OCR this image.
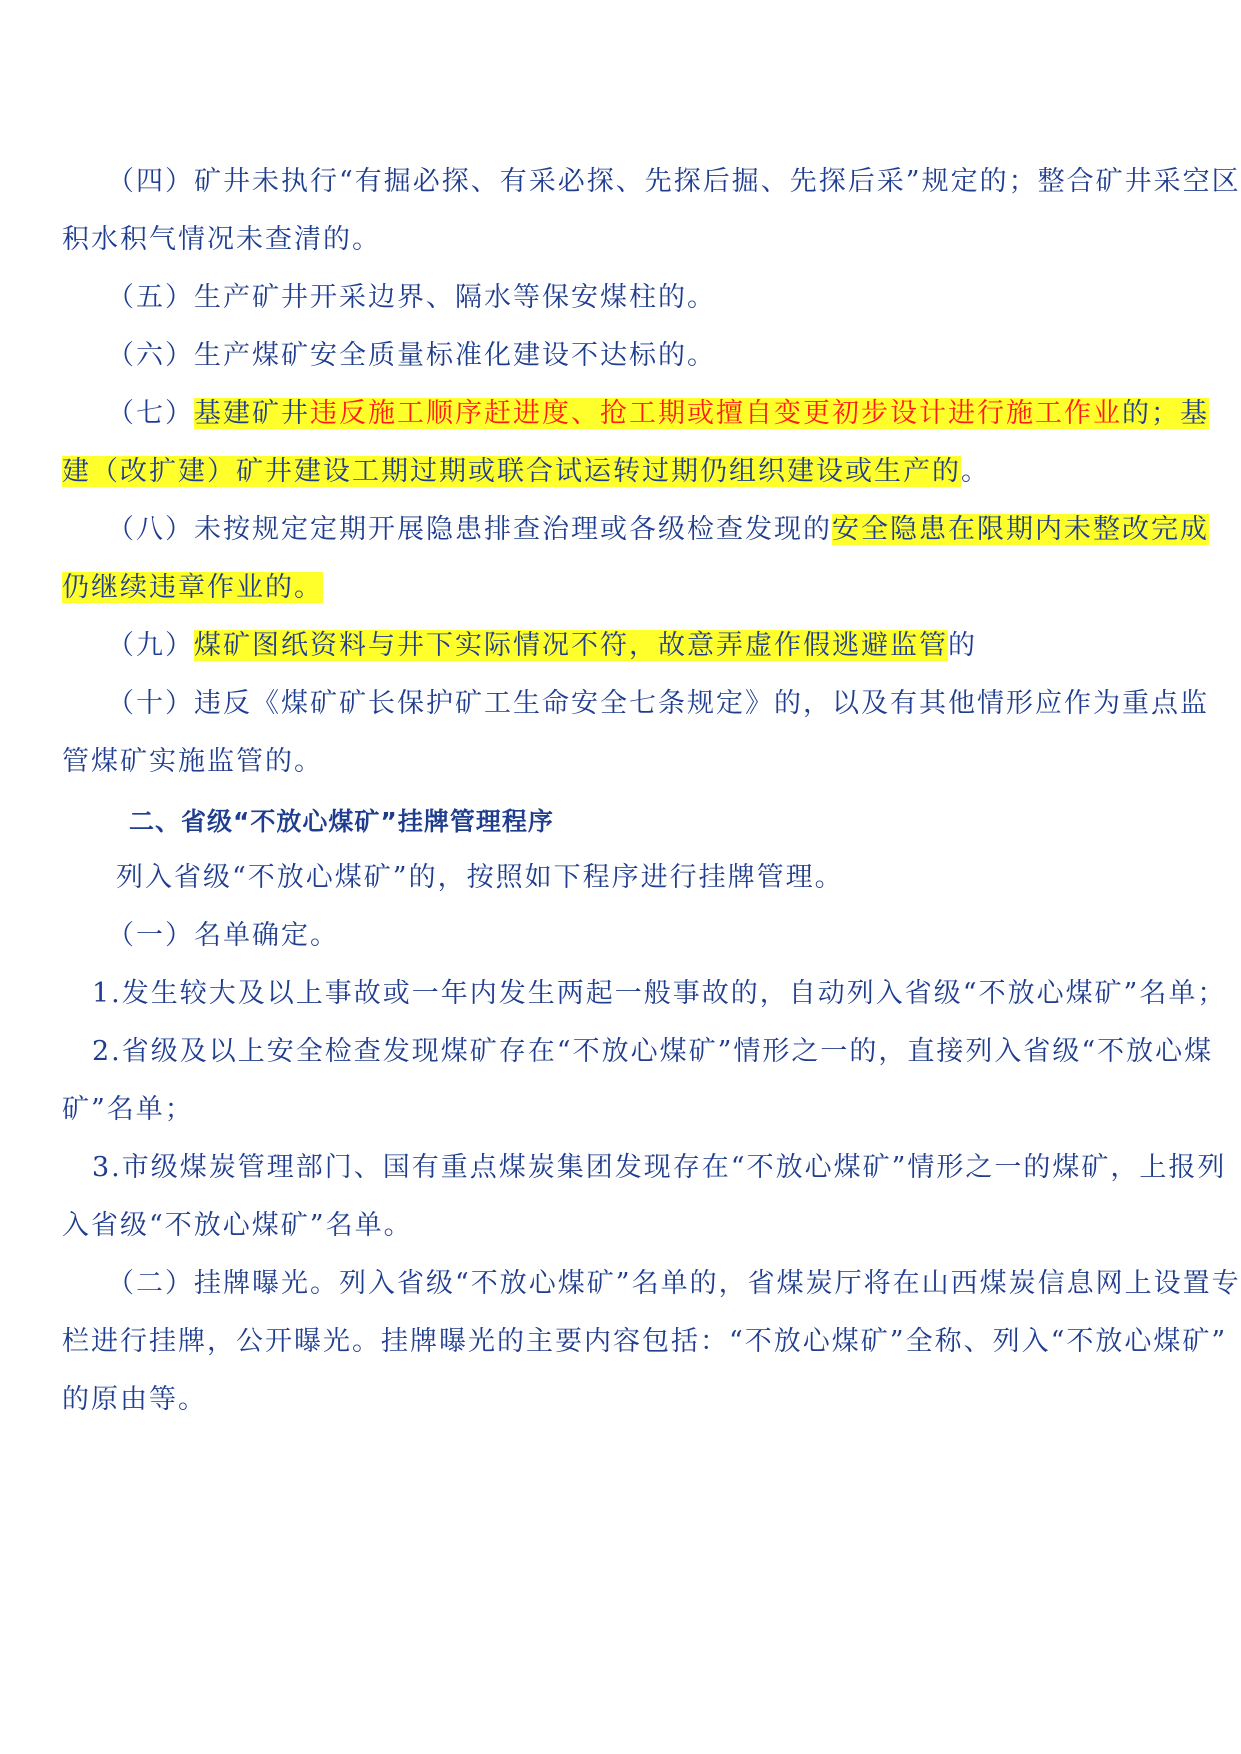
（四）矿井未执行“有掘必探、有采必探、先探后掘、先探后采”规定的；整合矿井采空区
积水积气情况未查清的。
（五）生产矿井开采边界、隔水等保安煤柱的。
（六）生产煤矿安全质量标准化建设不达标的。
（七）基建矿井违反施工顺序赶进度、抢工期或擅自变更初步设计进行施工作业的；基
建（改扩建）矿井建设工期过期或联合试运转过期仍组织建设或生产的。
（八）未按规定定期开展隐患排查治理或各级检查发现的安全隐患在限期内未整改完成
仍继续违章作业的。
（九）煤矿图纸资料与井下实际情况不符，故意弄虚作假逃避监管的
（十）违反《煤矿矿长保护矿工生命安全七条规定》的，以及有其他情形应作为重点监
管煤矿实施监管的。
二、省级“不放心煤矿”挂牌管理程序
列入省级“不放心煤矿”的，按照如下程序进行挂牌管理。
（一）名单确定。
1.发生较大及以上事故或一年内发生两起一般事故的，自动列入省级“不放心煤矿”名单；
2.省级及以上安全检查发现煤矿存在“不放心煤矿”情形之一的，直接列入省级“不放心煤
矿”名单；
3.市级煤炭管理部门、国有重点煤炭集团发现存在“不放心煤矿”情形之一的煤矿，上报列
入省级“不放心煤矿”名单。
（二）挂牌曝光。列入省级“不放心煤矿”名单的，省煤炭厅将在山西煤炭信息网上设置专
栏进行挂牌，公开曝光。挂牌曝光的主要内容包括：“不放心煤矿”全称、列入“不放心煤矿”
的原由等。
